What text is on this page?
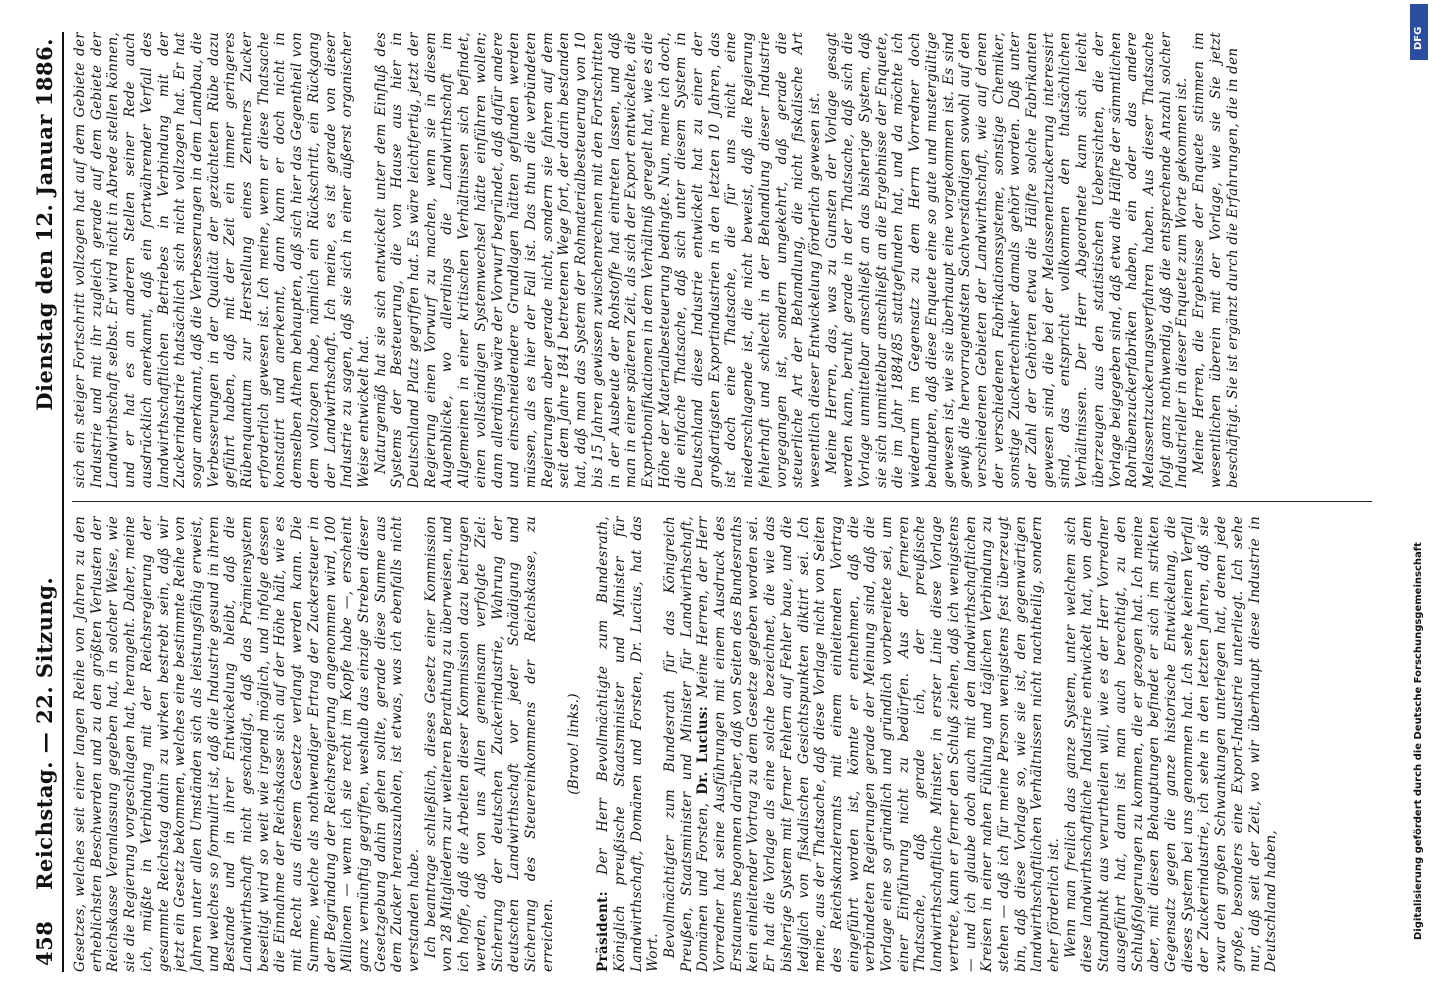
458
Reichstag. — 22. Sitzung.
Dienstag den 12. Januar 1886.

Gesetzes, welches seit einer langen Reihe von Jahren zu den erheblichsten Beschwerden und zu den größten Verlusten der Reichskasse Veranlassung gegeben hat, in solcher Weise, wie sie die Regierung vorgeschlagen hat, herangeht. Daher, meine ich, müßte in Verbindung mit der Reichsregierung der gesammte Reichstag dahin zu wirken bestrebt sein, daß wir jetzt ein Gesetz bekommen, welches eine bestimmte Reihe von Jahren unter allen Umständen sich als leistungsfähig erweist, und welches so formulirt ist, daß die Industrie gesund in ihrem Bestande und in ihrer Entwickelung bleibt, daß die Landwirthschaft nicht geschädigt, daß das Prämiensystem beseitigt wird so weit wie irgend möglich, und infolge dessen die Einnahme der Reichskasse sich auf der Höhe hält, wie es mit Recht aus diesem Gesetze verlangt werden kann. Die Summe, welche als nothwendiger Ertrag der Zuckersteuer in der Begründung der Reichsregierung angenommen wird, 100 Millionen — wenn ich sie recht im Kopfe habe —, erscheint ganz vernünftig gegriffen, weshalb das einzige Streben dieser Gesetzgebung dahin gehen sollte, gerade diese Summe aus dem Zucker herauszuholen, ist etwas, was ich ebenfalls nicht verstanden habe. Ich beantrage schließlich, dieses Gesetz einer Kommission von 28 Mitgliedern zur weiteren Berathung zu überweisen, und ich hoffe, daß die Arbeiten dieser Kommission dazu beitragen werden, daß von uns Allen gemeinsam verfolgte Ziel: Sicherung der deutschen Zuckerindustrie, Wahrung der deutschen Landwirthschaft vor jeder Schädigung und Sicherung des Steuereinkommens der Reichskasse, zu erreichen.

(Bravo! links.)

Präsident: Der Herr Bevollmächtigte zum Bundesrath, Königlich preußische Staatsminister und Minister für Landwirthschaft, Domänen und Forsten, Dr. Lucius, hat das Wort. Bevollmächtigter zum Bundesrath für das Königreich Preußen, Staatsminister und Minister für Landwirthschaft, Domänen und Forsten, Dr. Lucius: Meine Herren, der Herr Vorredner hat seine Ausführungen mit einem Ausdruck des Erstaunens begonnen darüber, daß von Seiten des Bundesraths kein einleitender Vortrag zu dem Gesetze gegeben worden sei. Er hat die Vorlage als eine solche bezeichnet, die wie das bisherige System mit ferner Fehlern auf Fehler baue, und die lediglich von fiskalischen Gesichtspunkten diktirt sei. Ich meine, aus der Thatsache, daß diese Vorlage nicht von Seiten des Reichskanzleramts mit einem einleitenden Vortrag eingeführt worden ist, könnte er entnehmen, daß die verbündeten Regierungen gerade der Meinung sind, daß die Vorlage eine so gründlich und gründlich vorbereitete sei, um einer Einführung nicht zu bedürfen. Aus der ferneren Thatsache, daß gerade ich, der preußische landwirthschaftliche Minister, in erster Linie diese Vorlage vertrete, kann er ferner den Schluß ziehen, daß ich wenigstens — und ich glaube doch auch mit den landwirthschaftlichen Kreisen in einer nahen Fühlung und täglichen Verbindung zu stehen — daß ich für meine Person wenigstens fest überzeugt bin, daß diese Vorlage so, wie sie ist, den gegenwärtigen landwirthschaftlichen Verhältnissen nicht nachtheilig, sondern eher förderlich ist. Wenn man freilich das ganze System, unter welchem sich diese landwirthschaftliche Industrie entwickelt hat, von dem Standpunkt aus verurtheilen will, wie es der Herr Vorredner ausgeführt hat, dann ist man auch berechtigt, zu den Schlußfolgerungen zu kommen, die er gezogen hat. Ich meine aber, mit diesen Behauptungen befindet er sich im strikten Gegensatz gegen die ganze historische Entwickelung, die dieses System bei uns genommen hat. Ich sehe keinen Verfall der Zuckerindustrie, ich sehe in den letzten Jahren, daß sie zwar den großen Schwankungen unterlegen hat, denen jede große, besonders eine Export-Industrie unterliegt. Ich sehe nur, daß seit der Zeit, wo wir überhaupt diese Industrie in Deutschland haben,

sich ein steiger Fortschritt vollzogen hat auf dem Gebiete der Industrie und mit ihr zugleich gerade auf dem Gebiete der Landwirthschaft selbst. Er wird nicht in Abrede stellen können, und er hat es an anderen Stellen seiner Rede auch ausdrücklich anerkannt, daß ein fortwährender Verfall des landwirthschaftlichen Betriebes in Verbindung mit der Zuckerindustrie thatsächlich sich nicht vollzogen hat. Er hat sogar anerkannt, daß die Verbesserungen in dem Landbau, die Verbesserungen in der Qualität der gezüchteten Rübe dazu geführt haben, daß mit der Zeit ein immer geringeres Rübenquantum zur Herstellung eines Zentners Zucker erforderlich gewesen ist. Ich meine, wenn er diese Thatsache konstatirt und anerkennt, dann kann er doch nicht in demselben Athem behaupten, daß sich hier das Gegentheil von dem vollzogen habe, nämlich ein Rückschritt, ein Rückgang der Landwirthschaft. Ich meine, es ist gerade von dieser Industrie zu sagen, daß sie sich in einer äußerst organischer Weise entwickelt hat. Naturgemäß hat sie sich entwickelt unter dem Einfluß des Systems der Besteuerung, die von Hause aus hier in Deutschland Platz gegriffen hat. Es wäre leichtfertig, jetzt der Regierung einen Vorwurf zu machen, wenn sie in diesem Augenblicke, wo allerdings die Landwirthschaft im Allgemeinen in einer kritischen Verhältnissen sich befindet, einen vollständigen Systemwechsel hätte einführen wollen; dann allerdings wäre der Vorwurf begründet, daß dafür andere und einschneidendere Grundlagen hätten gefunden werden müssen, als es hier der Fall ist. Das thun die verbündeten Regierungen aber gerade nicht, sondern sie fahren auf dem seit dem Jahre 1841 betretenen Wege fort, der darin bestanden hat, daß man das System der Rohmaterialbesteuerung von 10 bis 15 Jahren gewissen zwischenrechnen mit den Fortschritten in der Ausbeute der Rohstoffe hat eintreten lassen, und daß man in einer späteren Zeit, als sich der Export entwickelte, die Exportbonifikationen in dem Verhältniß geregelt hat, wie es die Höhe der Materialbesteuerung bedingte. Nun, meine ich doch, die einfache Thatsache, daß sich unter diesem System in Deutschland diese Industrie entwickelt hat zu einer der großartigsten Exportindustrien in den letzten 10 Jahren, das ist doch eine Thatsache, die für uns nicht eine niederschlagende ist, die nicht beweist, daß die Regierung fehlerhaft und schlecht in der Behandlung dieser Industrie vorgegangen ist, sondern umgekehrt, daß gerade die steuerliche Art der Behandlung, die nicht fiskalische Art wesentlich dieser Entwickelung förderlich gewesen ist. Meine Herren, das, was zu Gunsten der Vorlage gesagt werden kann, beruht gerade in der Thatsache, daß sich die Vorlage unmittelbar anschließt an das bisherige System, daß sie sich unmittelbar anschließt an die Ergebnisse der Enquete, die im Jahr 1884/85 stattgefunden hat, und da möchte ich wiederum im Gegensatz zu dem Herrn Vorredner doch behaupten, daß diese Enquete eine so gute und mustergültige gewesen ist, wie sie überhaupt eine vorgekommen ist. Es sind gewiß die hervorragendsten Sachverständigen sowohl auf den verschiedenen Gebieten der Landwirthschaft, wie auf denen der verschiedenen Fabrikationssysteme, sonstige Chemiker, sonstige Zuckertechniker damals gehört worden. Daß unter der Zahl der Gehörten etwa die Hälfte solche Fabrikanten gewesen sind, die bei der Melassenentzuckerung interessirt sind, das entspricht vollkommen den thatsächlichen Verhältnissen. Der Herr Abgeordnete kann sich leicht überzeugen aus den statistischen Uebersichten, die der Vorlage beigegeben sind, daß etwa die Hälfte der sämmtlichen Rohrübenzuckerfabriken haben, ein oder das andere Melassentzuckerungsverfahren haben. Aus dieser Thatsache folgt ganz nothwendig, daß die entsprechende Anzahl solcher Industrieller in dieser Enquete zum Worte gekommen ist. Meine Herren, die Ergebnisse der Enquete stimmen im wesentlichen überein mit der Vorlage, wie sie Sie jetzt beschäftigt. Sie ist ergänzt durch die Erfahrungen, die in den

DFG
Digitalisierung gefördert durch die Deutsche Forschungsgemeinschaft
